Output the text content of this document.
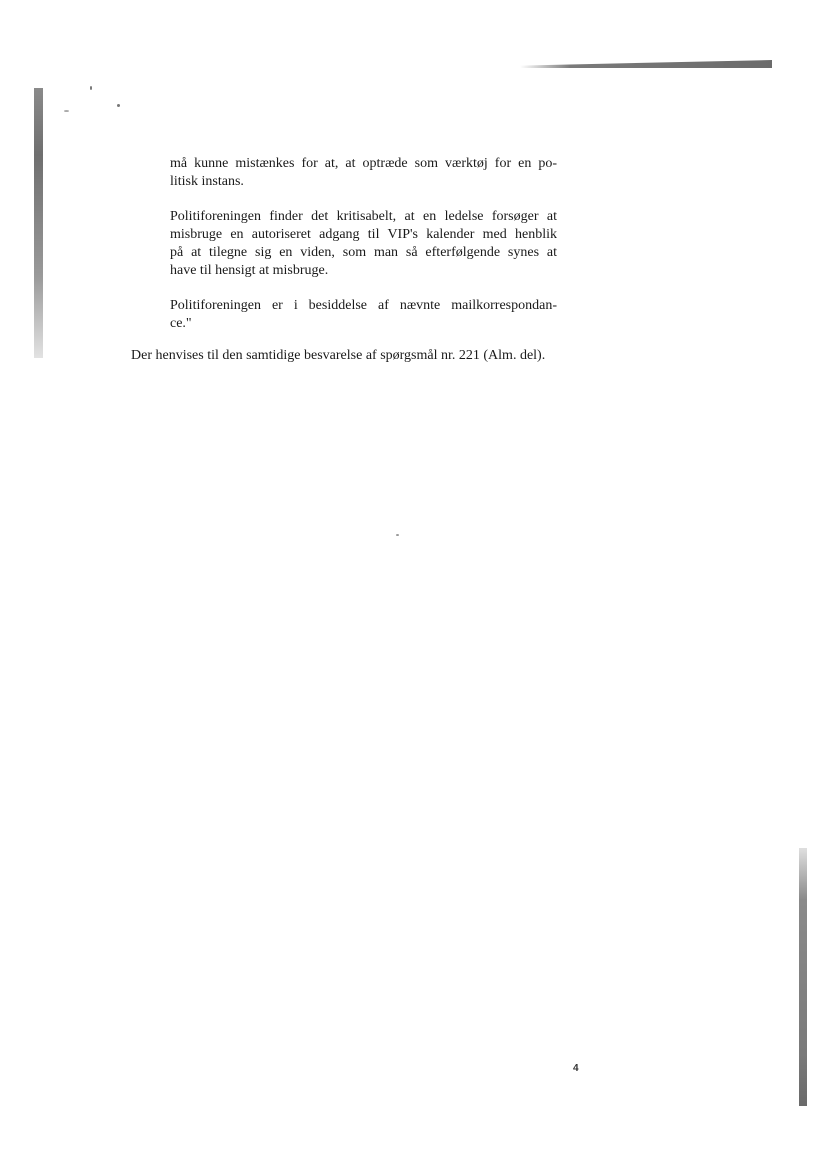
må kunne mistænkes for at, at optræde som værktøj for en po-
litisk instans.
Politiforeningen finder det kritisabelt, at en ledelse forsøger at
misbruge en autoriseret adgang til VIP's kalender med henblik
på at tilegne sig en viden, som man så efterfølgende synes at
have til hensigt at misbruge.
Politiforeningen er i besiddelse af nævnte mailkorrespondan-
ce."

Der henvises til den samtidige besvarelse af spørgsmål nr. 221 (Alm. del).

4
